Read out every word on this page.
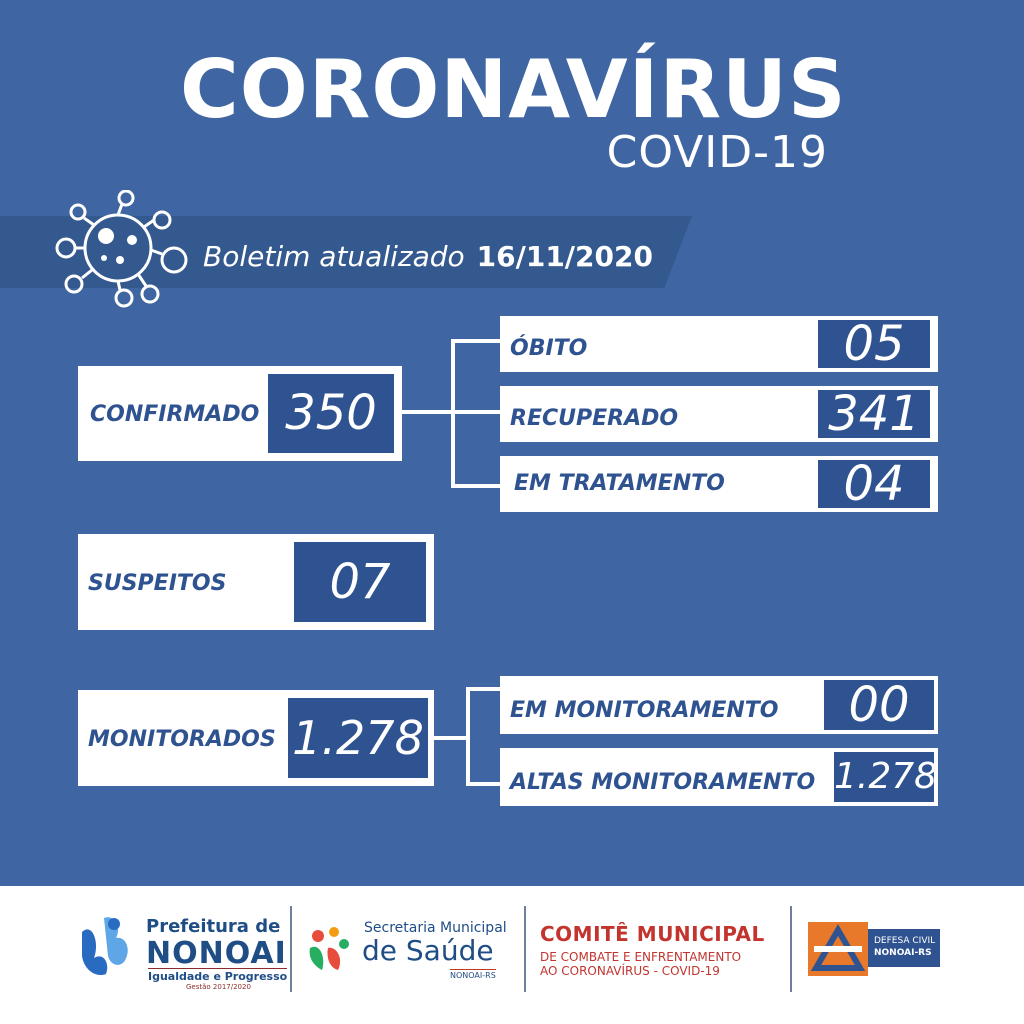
CORONAVÍRUS
COVID-19
Boletim atualizado 16/11/2020
CONFIRMADO 350
ÓBITO	05
RECUPERADO	341
EM TRATAMENTO	04
SUSPEITOS	07
MONITORADOS 1.278
EM MONITORAMENTO	00
ALTAS MONITORAMENTO 1.278
Prefeitura de
NONOAI
Igualdade e Progresso
Gestão 2017/2020
Secretaria Municipal
de Saúde
NONOAI-RS
COMITÊ MUNICIPAL
DE COMBATE E ENFRENTAMENTO
AO CORONAVÍRUS - COVID-19
DEFESA CIVIL
NONOAI-RS
